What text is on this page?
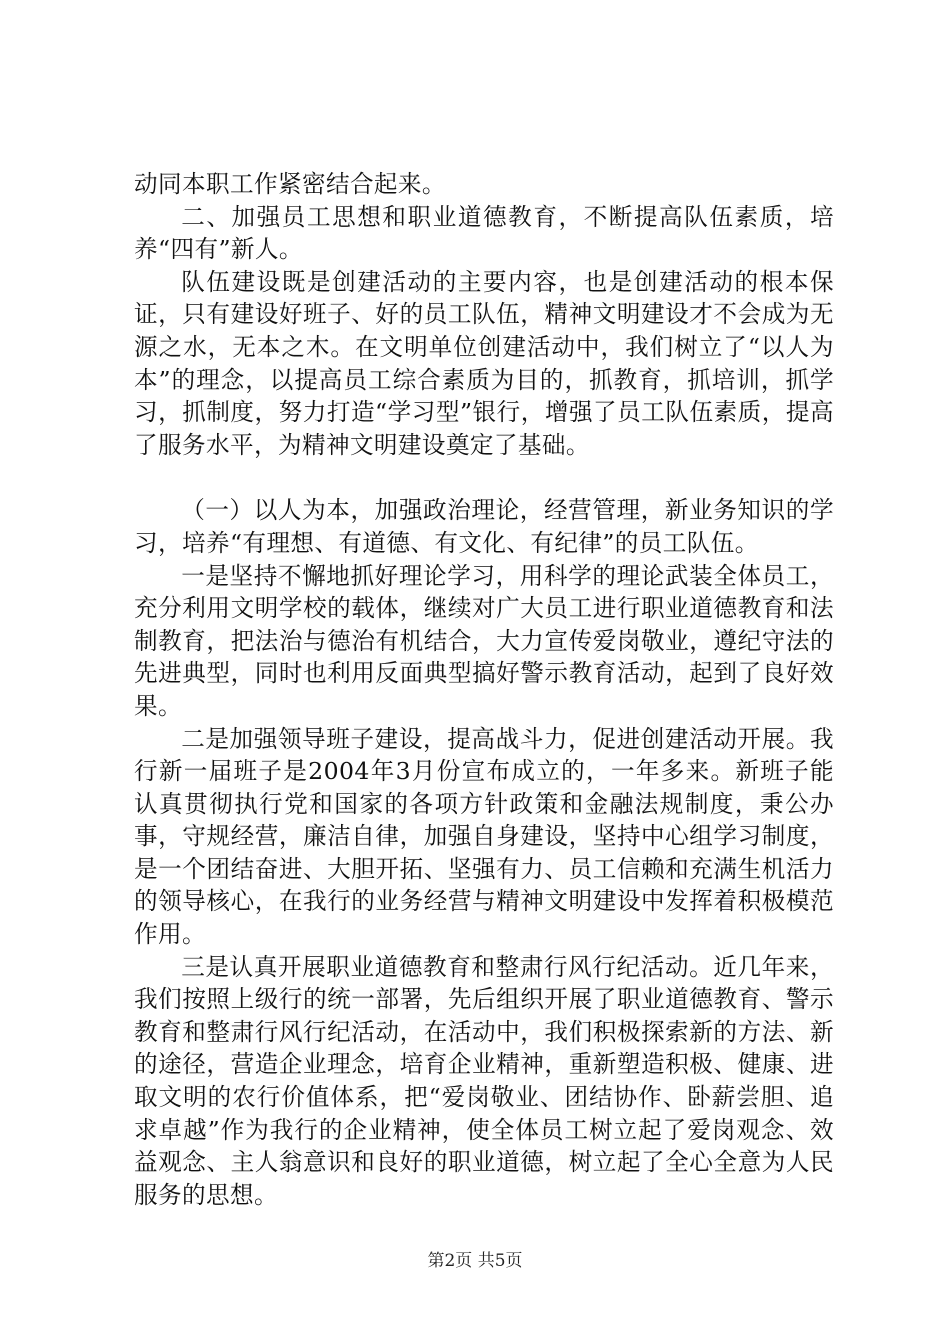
动同本职工作紧密结合起来。

二、加强员工思想和职业道德教育，不断提高队伍素质，培养“四有”新人。

队伍建设既是创建活动的主要内容，也是创建活动的根本保证，只有建设好班子、好的员工队伍，精神文明建设才不会成为无源之水，无本之木。在文明单位创建活动中，我们树立了“以人为本”的理念，以提高员工综合素质为目的，抓教育，抓培训，抓学习，抓制度，努力打造“学习型”银行，增强了员工队伍素质，提高了服务水平，为精神文明建设奠定了基础。

（一）以人为本，加强政治理论，经营管理，新业务知识的学习，培养“有理想、有道德、有文化、有纪律”的员工队伍。

一是坚持不懈地抓好理论学习，用科学的理论武装全体员工，充分利用文明学校的载体，继续对广大员工进行职业道德教育和法制教育，把法治与德治有机结合，大力宣传爱岗敬业，遵纪守法的先进典型，同时也利用反面典型搞好警示教育活动，起到了良好效果。

二是加强领导班子建设，提高战斗力，促进创建活动开展。我行新一届班子是2004年3月份宣布成立的，一年多来。新班子能认真贯彻执行党和国家的各项方针政策和金融法规制度，秉公办事，守规经营，廉洁自律，加强自身建设，坚持中心组学习制度，是一个团结奋进、大胆开拓、坚强有力、员工信赖和充满生机活力的领导核心，在我行的业务经营与精神文明建设中发挥着积极模范作用。

三是认真开展职业道德教育和整肃行风行纪活动。近几年来，我们按照上级行的统一部署，先后组织开展了职业道德教育、警示教育和整肃行风行纪活动，在活动中，我们积极探索新的方法、新的途径，营造企业理念，培育企业精神，重新塑造积极、健康、进取文明的农行价值体系，把“爱岗敬业、团结协作、卧薪尝胆、追求卓越”作为我行的企业精神，使全体员工树立起了爱岗观念、效益观念、主人翁意识和良好的职业道德，树立起了全心全意为人民服务的思想。

第2页 共5页
